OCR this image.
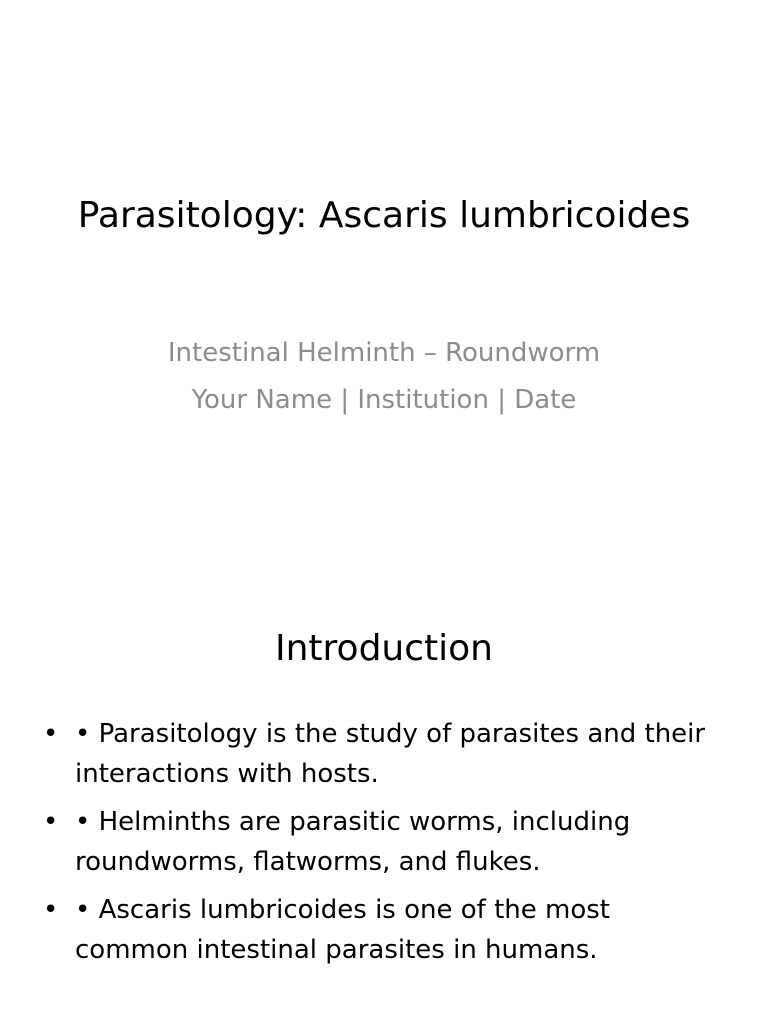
Parasitology: Ascaris lumbricoides
Intestinal Helminth – Roundworm
Your Name | Institution | Date
Introduction
• • Parasitology is the study of parasites and their interactions with hosts.
• • Helminths are parasitic worms, including roundworms, flatworms, and flukes.
• • Ascaris lumbricoides is one of the most common intestinal parasites in humans.
